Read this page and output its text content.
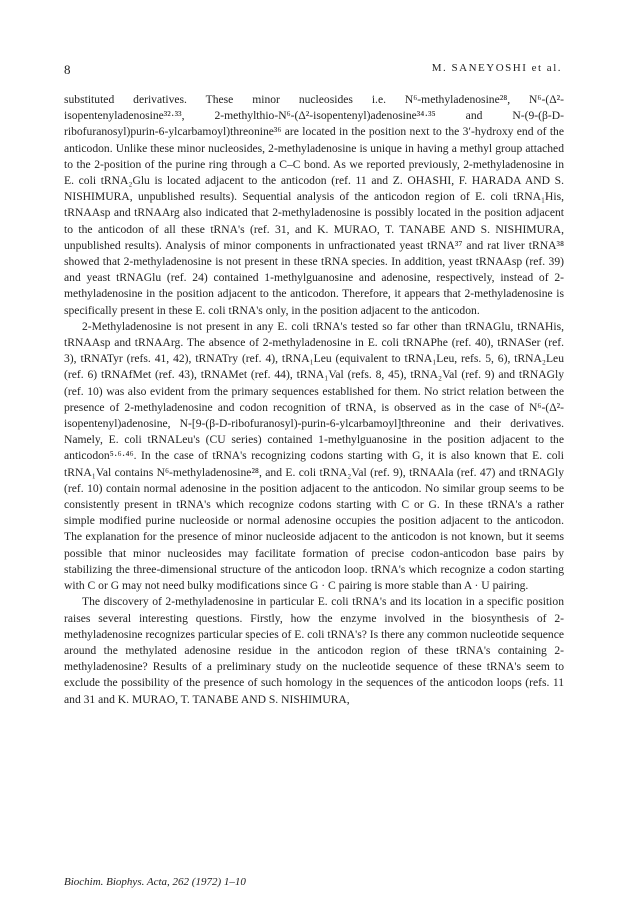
8	M. SANEYOSHI et al.

substituted derivatives. These minor nucleosides i.e. N⁶-methyladenosine²⁸, N⁶-(Δ²-isopentenyladenosine³²·³³, 2-methylthio-N⁶-(Δ²-isopentenyl)adenosine³⁴·³⁵ and N-(9-(β-D-ribofuranosyl)purin-6-ylcarbamoyl)threonine³⁶ are located in the position next to the 3′-hydroxy end of the anticodon. Unlike these minor nucleosides, 2-methyladenosine is unique in having a methyl group attached to the 2-position of the purine ring through a C–C bond. As we reported previously, 2-methyladenosine in E. coli tRNA₂Glu is located adjacent to the anticodon (ref. 11 and Z. OHASHI, F. HARADA AND S. NISHIMURA, unpublished results). Sequential analysis of the anticodon region of E. coli tRNA₁His, tRNAAsp and tRNAArg also indicated that 2-methyladenosine is possibly located in the position adjacent to the anticodon of all these tRNA's (ref. 31, and K. MURAO, T. TANABE AND S. NISHIMURA, unpublished results). Analysis of minor components in unfractionated yeast tRNA³⁷ and rat liver tRNA³⁸ showed that 2-methyladenosine is not present in these tRNA species. In addition, yeast tRNAAsp (ref. 39) and yeast tRNAGlu (ref. 24) contained 1-methylguanosine and adenosine, respectively, instead of 2-methyladenosine in the position adjacent to the anticodon. Therefore, it appears that 2-methyladenosine is specifically present in these E. coli tRNA's only, in the position adjacent to the anticodon.

2-Methyladenosine is not present in any E. coli tRNA's tested so far other than tRNAGlu, tRNAHis, tRNAAsp and tRNAArg. The absence of 2-methyladenosine in E. coli tRNAPhe (ref. 40), tRNASer (ref. 3), tRNATyr (refs. 41, 42), tRNATry (ref. 4), tRNA₁Leu (equivalent to tRNA₁Leu, refs. 5, 6), tRNA₂Leu (ref. 6) tRNAfMet (ref. 43), tRNAMet (ref. 44), tRNA₁Val (refs. 8, 45), tRNA₂Val (ref. 9) and tRNAGly (ref. 10) was also evident from the primary sequences established for them. No strict relation between the presence of 2-methyladenosine and codon recognition of tRNA, is observed as in the case of N⁶-(Δ²-isopentenyl)adenosine, N-[9-(β-D-ribofuranosyl)-purin-6-ylcarbamoyl]threonine and their derivatives. Namely, E. coli tRNALeu's (CU series) contained 1-methylguanosine in the position adjacent to the anticodon⁵·⁶·⁴⁶. In the case of tRNA's recognizing codons starting with G, it is also known that E. coli tRNA₁Val contains N⁶-methyladenosine²⁸, and E. coli tRNA₂Val (ref. 9), tRNAAla (ref. 47) and tRNAGly (ref. 10) contain normal adenosine in the position adjacent to the anticodon. No similar group seems to be consistently present in tRNA's which recognize codons starting with C or G. In these tRNA's a rather simple modified purine nucleoside or normal adenosine occupies the position adjacent to the anticodon. The explanation for the presence of minor nucleoside adjacent to the anticodon is not known, but it seems possible that minor nucleosides may facilitate formation of precise codon-anticodon base pairs by stabilizing the three-dimensional structure of the anticodon loop. tRNA's which recognize a codon starting with C or G may not need bulky modifications since G · C pairing is more stable than A · U pairing.

The discovery of 2-methyladenosine in particular E. coli tRNA's and its location in a specific position raises several interesting questions. Firstly, how the enzyme involved in the biosynthesis of 2-methyladenosine recognizes particular species of E. coli tRNA's? Is there any common nucleotide sequence around the methylated adenosine residue in the anticodon region of these tRNA's containing 2-methyladenosine? Results of a preliminary study on the nucleotide sequence of these tRNA's seem to exclude the possibility of the presence of such homology in the sequences of the anticodon loops (refs. 11 and 31 and K. MURAO, T. TANABE AND S. NISHIMURA,

Biochim. Biophys. Acta, 262 (1972) 1–10
